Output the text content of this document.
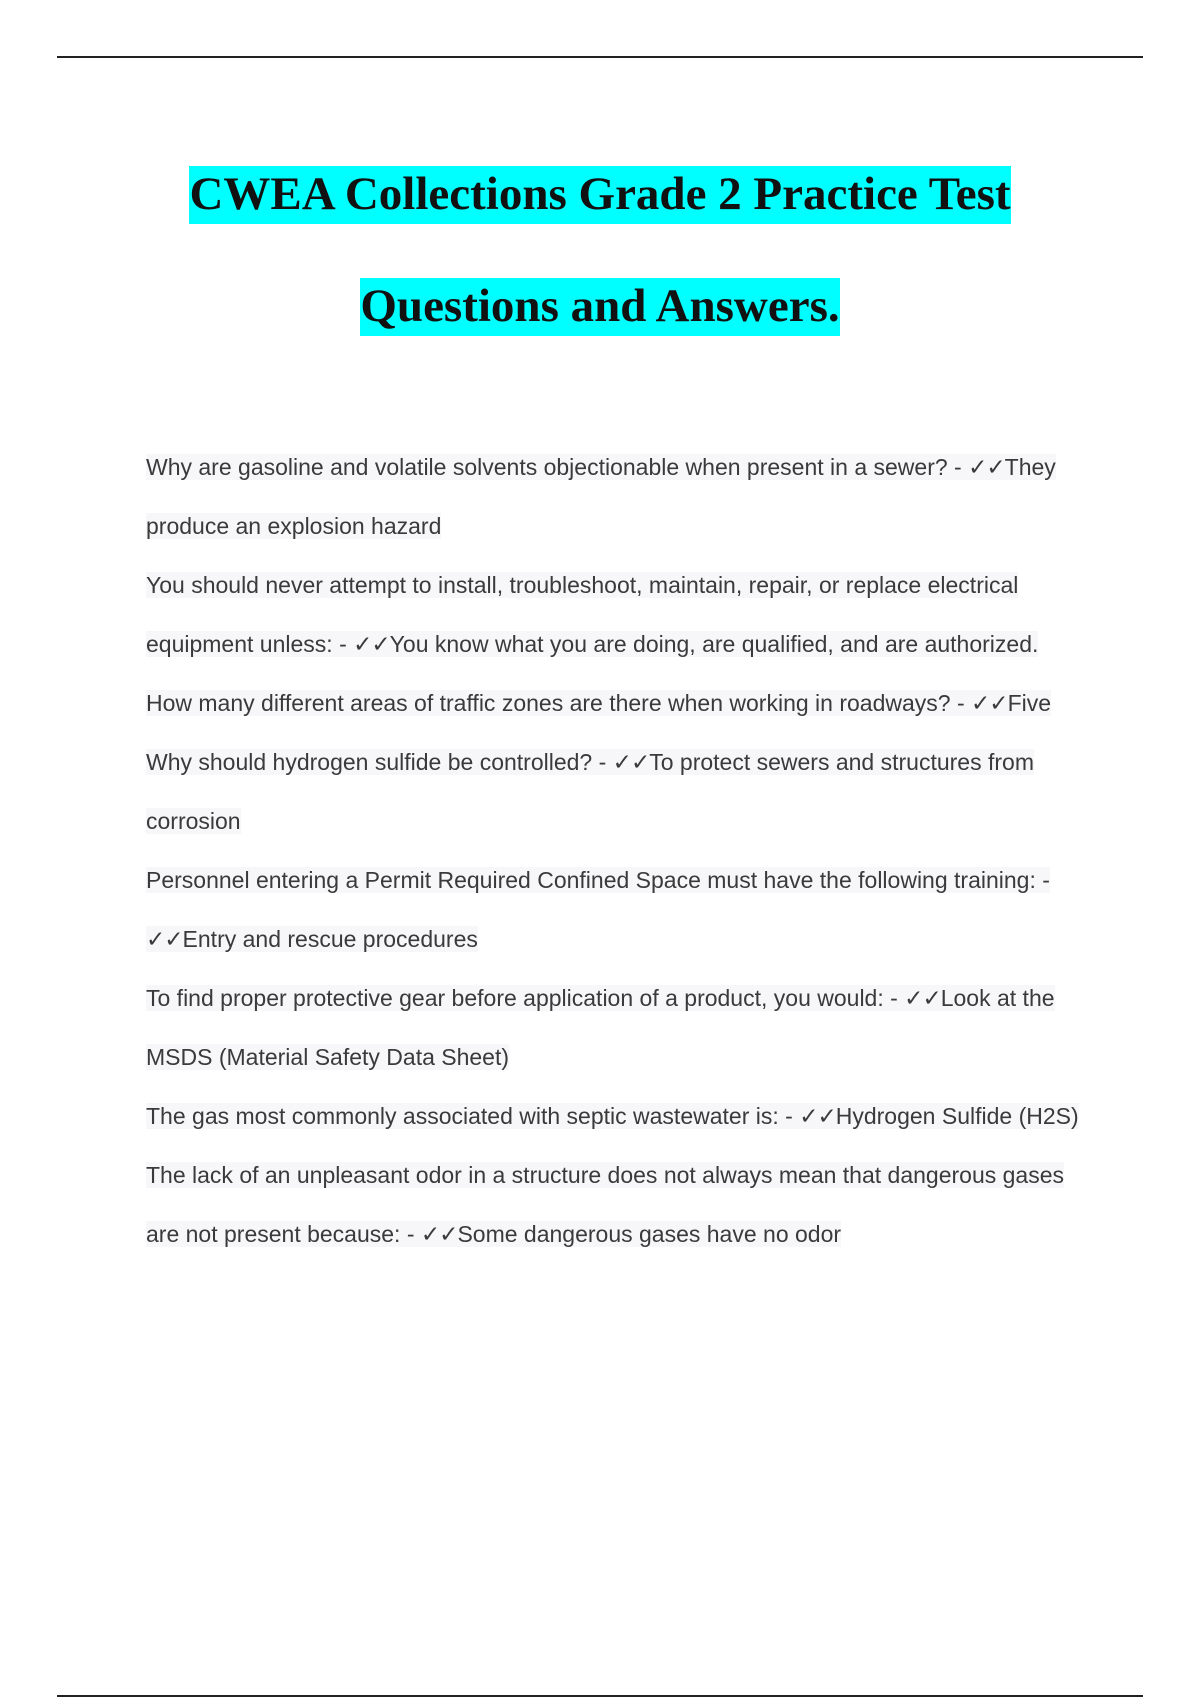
CWEA Collections Grade 2 Practice Test
Questions and Answers.
Why are gasoline and volatile solvents objectionable when present in a sewer? - ✓✓They produce an explosion hazard
You should never attempt to install, troubleshoot, maintain, repair, or replace electrical equipment unless: - ✓✓You know what you are doing, are qualified, and are authorized.
How many different areas of traffic zones are there when working in roadways? - ✓✓Five
Why should hydrogen sulfide be controlled? - ✓✓To protect sewers and structures from corrosion
Personnel entering a Permit Required Confined Space must have the following training: - ✓✓Entry and rescue procedures
To find proper protective gear before application of a product, you would: - ✓✓Look at the MSDS (Material Safety Data Sheet)
The gas most commonly associated with septic wastewater is: - ✓✓Hydrogen Sulfide (H2S)
The lack of an unpleasant odor in a structure does not always mean that dangerous gases are not present because: - ✓✓Some dangerous gases have no odor
